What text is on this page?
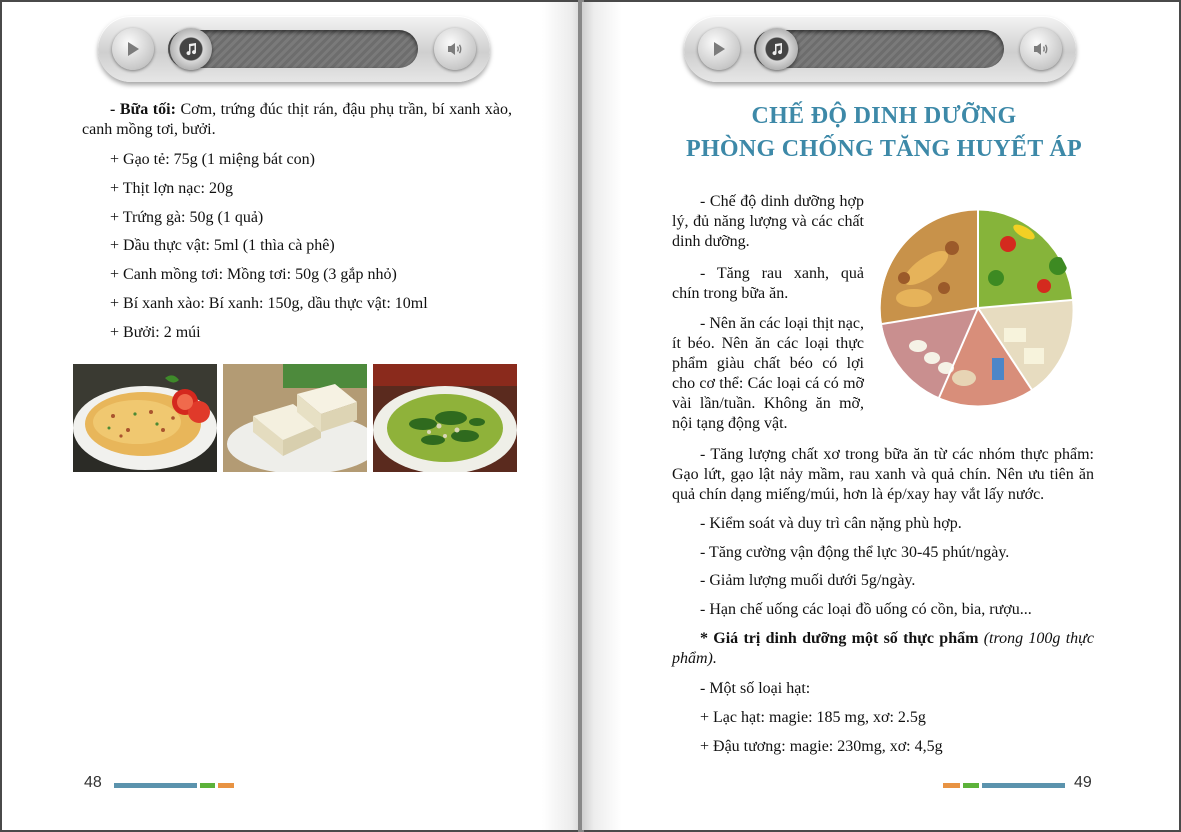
- Bữa tối: Cơm, trứng đúc thịt rán, đậu phụ trần, bí xanh xào, canh mồng tơi, bưởi.
+ Gạo tẻ: 75g (1 miệng bát con)
+ Thịt lợn nạc: 20g
+ Trứng gà: 50g (1 quả)
+ Dầu thực vật: 5ml (1 thìa cà phê)
+ Canh mồng tơi: Mồng tơi: 50g (3 gắp nhỏ)
+ Bí xanh xào: Bí xanh: 150g, dầu thực vật: 10ml
+ Bưởi: 2 múi
48
CHẾ ĐỘ DINH DƯỠNG
PHÒNG CHỐNG TĂNG HUYẾT ÁP
- Chế độ dinh dưỡng hợp lý, đủ năng lượng và các chất dinh dưỡng.
- Tăng rau xanh, quả chín trong bữa ăn.
- Nên ăn các loại thịt nạc, ít béo. Nên ăn các loại thực phẩm giàu chất béo có lợi cho cơ thể: Các loại cá có mỡ vài lần/tuần. Không ăn mỡ, nội tạng động vật.
- Tăng lượng chất xơ trong bữa ăn từ các nhóm thực phẩm: Gạo lứt, gạo lật nảy mầm, rau xanh và quả chín. Nên ưu tiên ăn quả chín dạng miếng/múi, hơn là ép/xay hay vắt lấy nước.
- Kiểm soát và duy trì cân nặng phù hợp.
- Tăng cường vận động thể lực 30-45 phút/ngày.
- Giảm lượng muối dưới 5g/ngày.
- Hạn chế uống các loại đồ uống có cồn, bia, rượu...
* Giá trị dinh dưỡng một số thực phẩm (trong 100g thực phẩm).
- Một số loại hạt:
+ Lạc hạt: magie: 185 mg, xơ: 2.5g
+ Đậu tương: magie: 230mg, xơ: 4,5g
49
